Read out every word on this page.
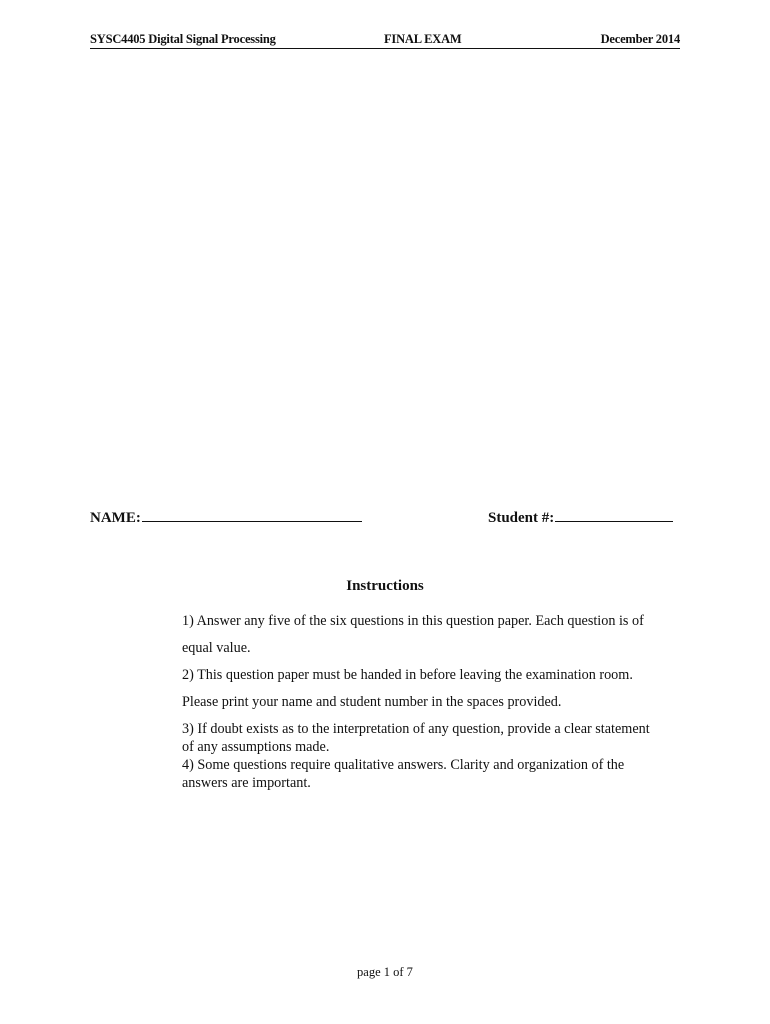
SYSC4405 Digital Signal Processing	FINAL EXAM	December 2014
NAME:	Student #:
Instructions
1) Answer any five of the six questions in this question paper. Each question is of
equal value.
2) This question paper must be handed in before leaving the examination room.
Please print your name and student number in the spaces provided.
3) If doubt exists as to the interpretation of any question, provide a clear statement
of any assumptions made.
4) Some questions require qualitative answers. Clarity and organization of the
answers are important.
page 1 of 7
